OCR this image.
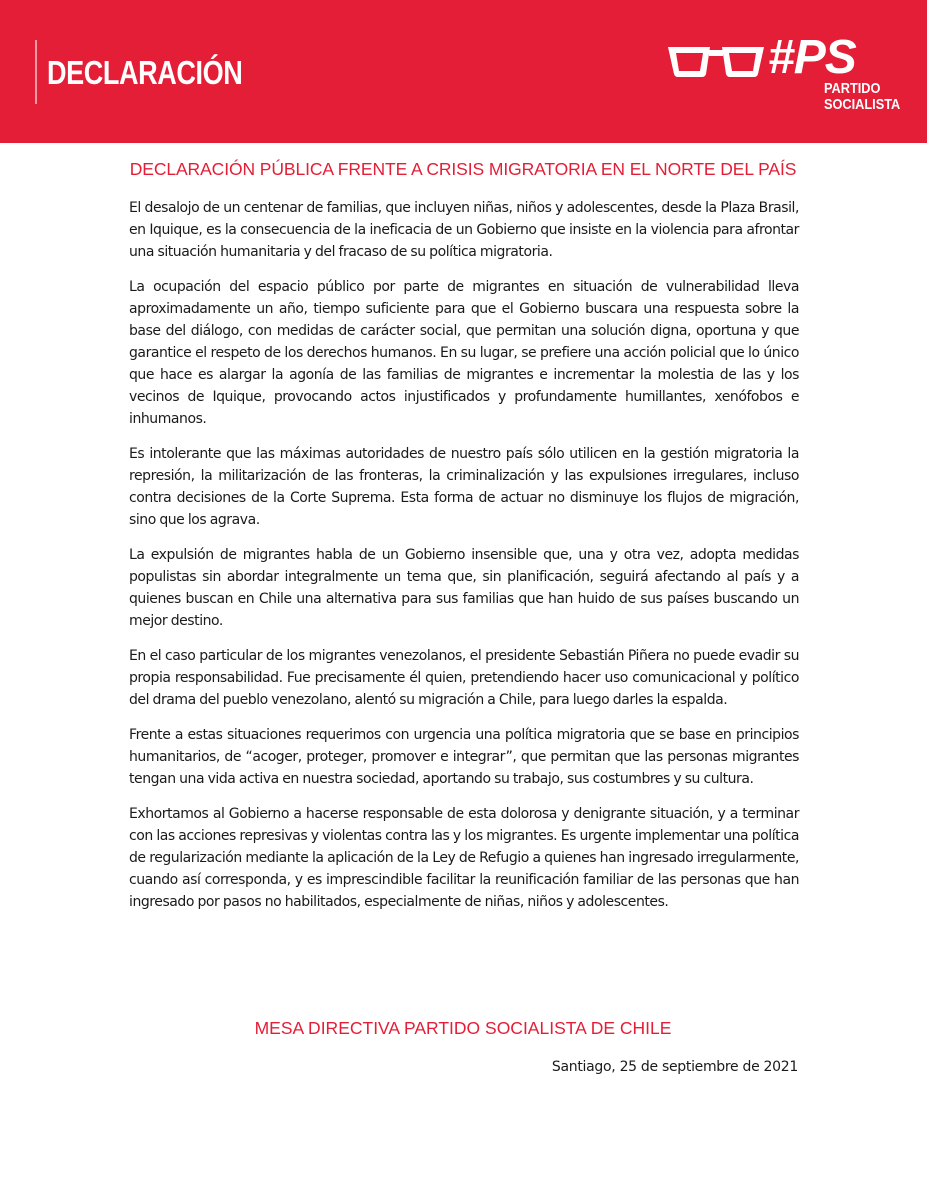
DECLARACIÓN	#PS
PARTIDO
SOCIALISTA
DECLARACIÓN PÚBLICA FRENTE A CRISIS MIGRATORIA EN EL NORTE DEL PAÍS

El desalojo de un centenar de familias, que incluyen niñas, niños y adolescentes, desde la Plaza Brasil, en Iquique, es la consecuencia de la ineficacia de un Gobierno que insiste en la violencia para afrontar una situación humanitaria y del fracaso de su política migratoria.

La ocupación del espacio público por parte de migrantes en situación de vulnerabilidad lleva aproximadamente un año, tiempo suficiente para que el Gobierno buscara una respuesta sobre la base del diálogo, con medidas de carácter social, que permitan una solución digna, oportuna y que garantice el respeto de los derechos humanos. En su lugar, se prefiere una acción policial que lo único que hace es alargar la agonía de las familias de migrantes e incrementar la molestia de las y los vecinos de Iquique, provocando actos injustificados y profundamente humillantes, xenófobos e inhumanos.

Es intolerante que las máximas autoridades de nuestro país sólo utilicen en la gestión migratoria la represión, la militarización de las fronteras, la criminalización y las expulsiones irregulares, incluso contra decisiones de la Corte Suprema. Esta forma de actuar no disminuye los flujos de migración, sino que los agrava.

La expulsión de migrantes habla de un Gobierno insensible que, una y otra vez, adopta medidas populistas sin abordar integralmente un tema que, sin planificación, seguirá afectando al país y a quienes buscan en Chile una alternativa para sus familias que han huido de sus países buscando un mejor destino.

En el caso particular de los migrantes venezolanos, el presidente Sebastián Piñera no puede evadir su propia responsabilidad. Fue precisamente él quien, pretendiendo hacer uso comunicacional y político del drama del pueblo venezolano, alentó su migración a Chile, para luego darles la espalda.

Frente a estas situaciones requerimos con urgencia una política migratoria que se base en principios humanitarios, de “acoger, proteger, promover e integrar”, que permitan que las personas migrantes tengan una vida activa en nuestra sociedad, aportando su trabajo, sus costumbres y su cultura.

Exhortamos al Gobierno a hacerse responsable de esta dolorosa y denigrante situación, y a terminar con las acciones represivas y violentas contra las y los migrantes. Es urgente implementar una política de regularización mediante la aplicación de la Ley de Refugio a quienes han ingresado irregularmente, cuando así corresponda, y es imprescindible facilitar la reunificación familiar de las personas que han ingresado por pasos no habilitados, especialmente de niñas, niños y adolescentes.

MESA DIRECTIVA PARTIDO SOCIALISTA DE CHILE
Santiago, 25 de septiembre de 2021
